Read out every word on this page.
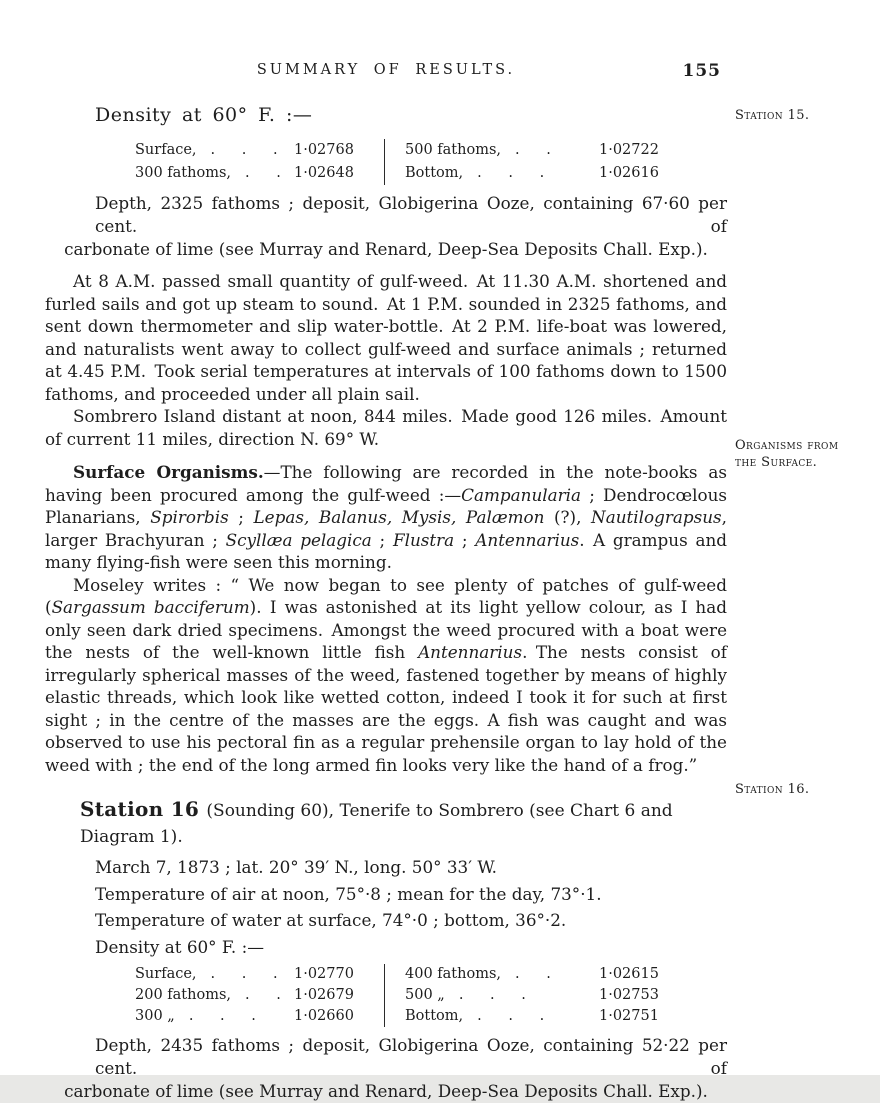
Station 15.
Organisms from the Surface.
Station 16.
SUMMARY OF RESULTS.	155
Density at 60° F. :—
Surface, . . .	1·02768	500 fathoms, . .	1·02722
300 fathoms, . . 1·02648	Bottom, . . .	1·02616
Depth, 2325 fathoms ; deposit, Globigerina Ooze, containing 67·60 per cent. of
carbonate of lime (see Murray and Renard, Deep-Sea Deposits Chall. Exp.).

At 8 A.M. passed small quantity of gulf-weed. At 11.30 A.M. shortened and furled sails and got up steam to sound. At 1 P.M. sounded in 2325 fathoms, and sent down thermometer and slip water-bottle. At 2 P.M. life-boat was lowered, and naturalists went away to collect gulf-weed and surface animals ; returned at 4.45 P.M. Took serial temperatures at intervals of 100 fathoms down to 1500 fathoms, and proceeded under all plain sail.

Sombrero Island distant at noon, 844 miles. Made good 126 miles. Amount of current 11 miles, direction N. 69° W.

Surface Organisms.—The following are recorded in the note-books as having been procured among the gulf-weed :—Campanularia ; Dendrocœlous Planarians, Spirorbis ; Lepas, Balanus, Mysis, Palæmon (?), Nautilograpsus, larger Brachyuran ; Scyllæa pelagica ; Flustra ; Antennarius. A grampus and many flying-fish were seen this morning.

Moseley writes : “ We now began to see plenty of patches of gulf-weed (Sargassum bacciferum). I was astonished at its light yellow colour, as I had only seen dark dried specimens. Amongst the weed procured with a boat were the nests of the well-known little fish Antennarius. The nests consist of irregularly spherical masses of the weed, fastened together by means of highly elastic threads, which look like wetted cotton, indeed I took it for such at first sight ; in the centre of the masses are the eggs. A fish was caught and was observed to use his pectoral fin as a regular prehensile organ to lay hold of the weed with ; the end of the long armed fin looks very like the hand of a frog.”

Station 16 (Sounding 60), Tenerife to Sombrero (see Chart 6 and Diagram 1).
March 7, 1873 ; lat. 20° 39′ N., long. 50° 33′ W.
Temperature of air at noon, 75°·8 ; mean for the day, 73°·1.
Temperature of water at surface, 74°·0 ; bottom, 36°·2.
Density at 60° F. :—
Surface, . . .	1·02770	400 fathoms, . .	1·02615
200 fathoms, . . 1·02679	500 „ . . .	1·02753
300 „ . . .	1·02660	Bottom, . . .	1·02751
Depth, 2435 fathoms ; deposit, Globigerina Ooze, containing 52·22 per cent. of
carbonate of lime (see Murray and Renard, Deep-Sea Deposits Chall. Exp.).
